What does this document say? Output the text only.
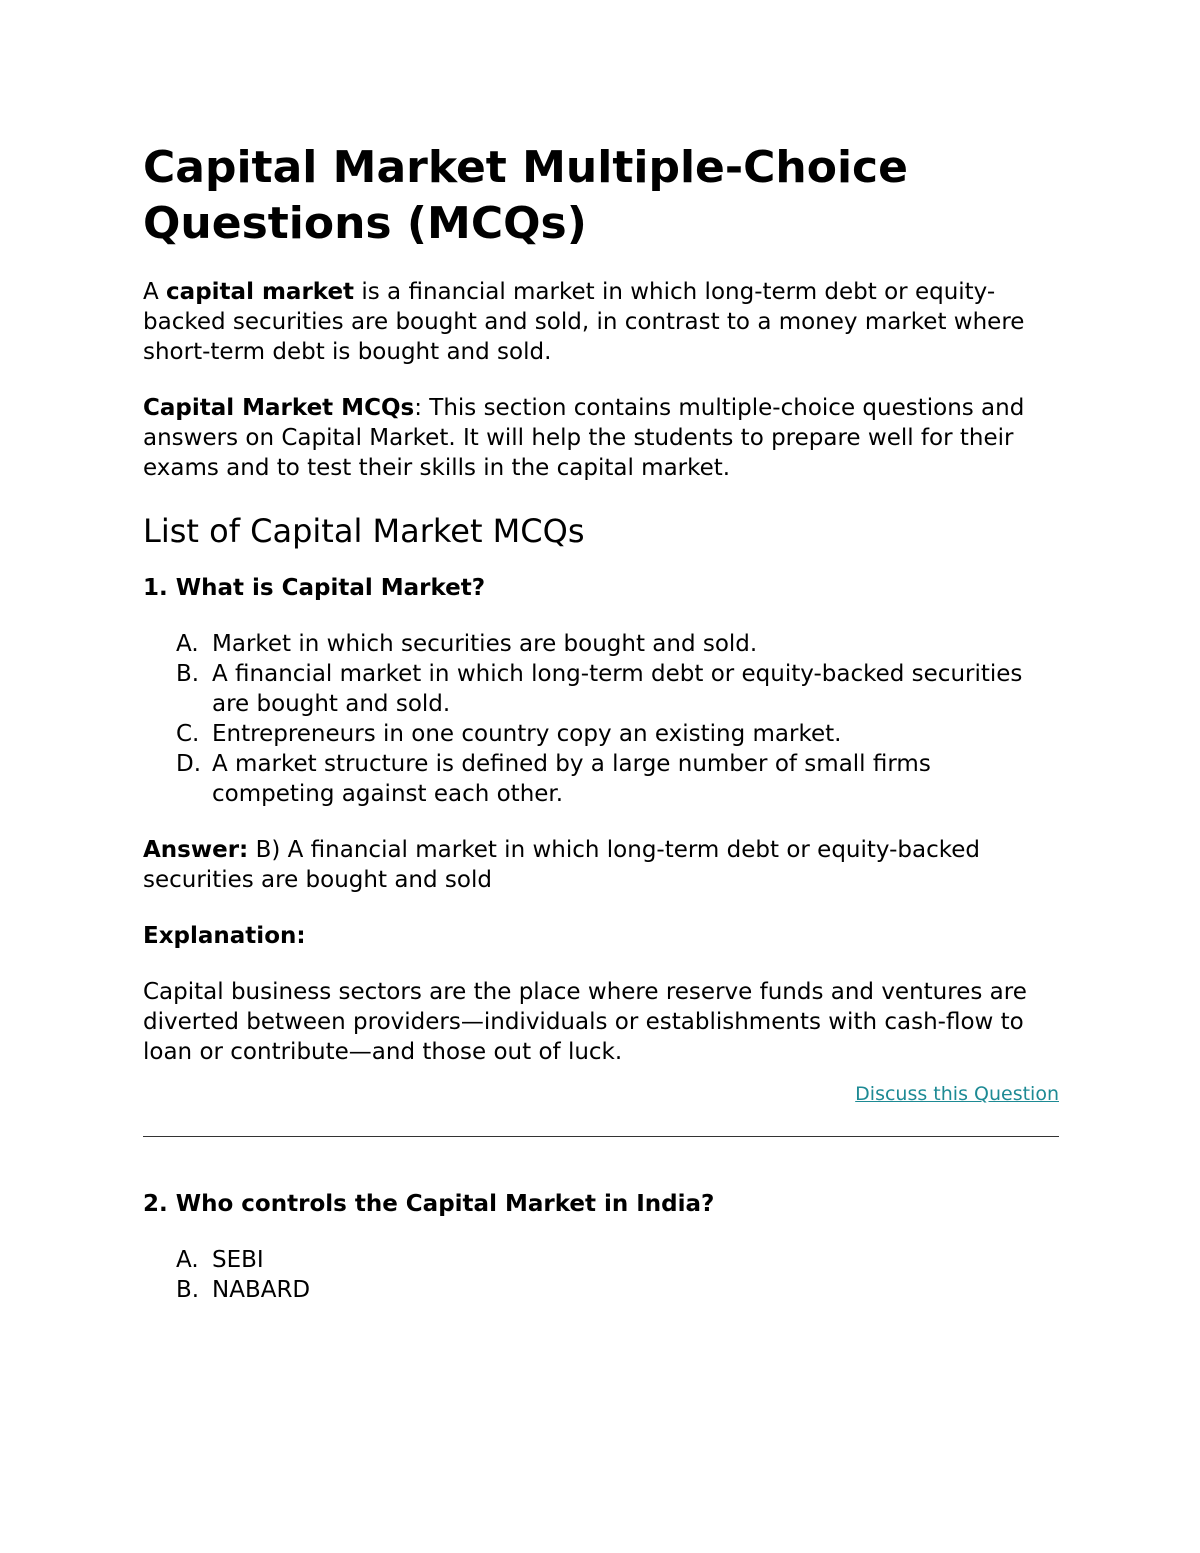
Capital Market Multiple-Choice Questions (MCQs)

A capital market is a financial market in which long-term debt or equity-backed securities are bought and sold, in contrast to a money market where short-term debt is bought and sold.

Capital Market MCQs: This section contains multiple-choice questions and answers on Capital Market. It will help the students to prepare well for their exams and to test their skills in the capital market.

List of Capital Market MCQs

1. What is Capital Market?

A. Market in which securities are bought and sold.
B. A financial market in which long-term debt or equity-backed securities are bought and sold.
C. Entrepreneurs in one country copy an existing market.
D. A market structure is defined by a large number of small firms competing against each other.

Answer: B) A financial market in which long-term debt or equity-backed securities are bought and sold

Explanation:

Capital business sectors are the place where reserve funds and ventures are diverted between providers—individuals or establishments with cash-flow to loan or contribute—and those out of luck.

Discuss this Question

2. Who controls the Capital Market in India?

A. SEBI
B. NABARD
